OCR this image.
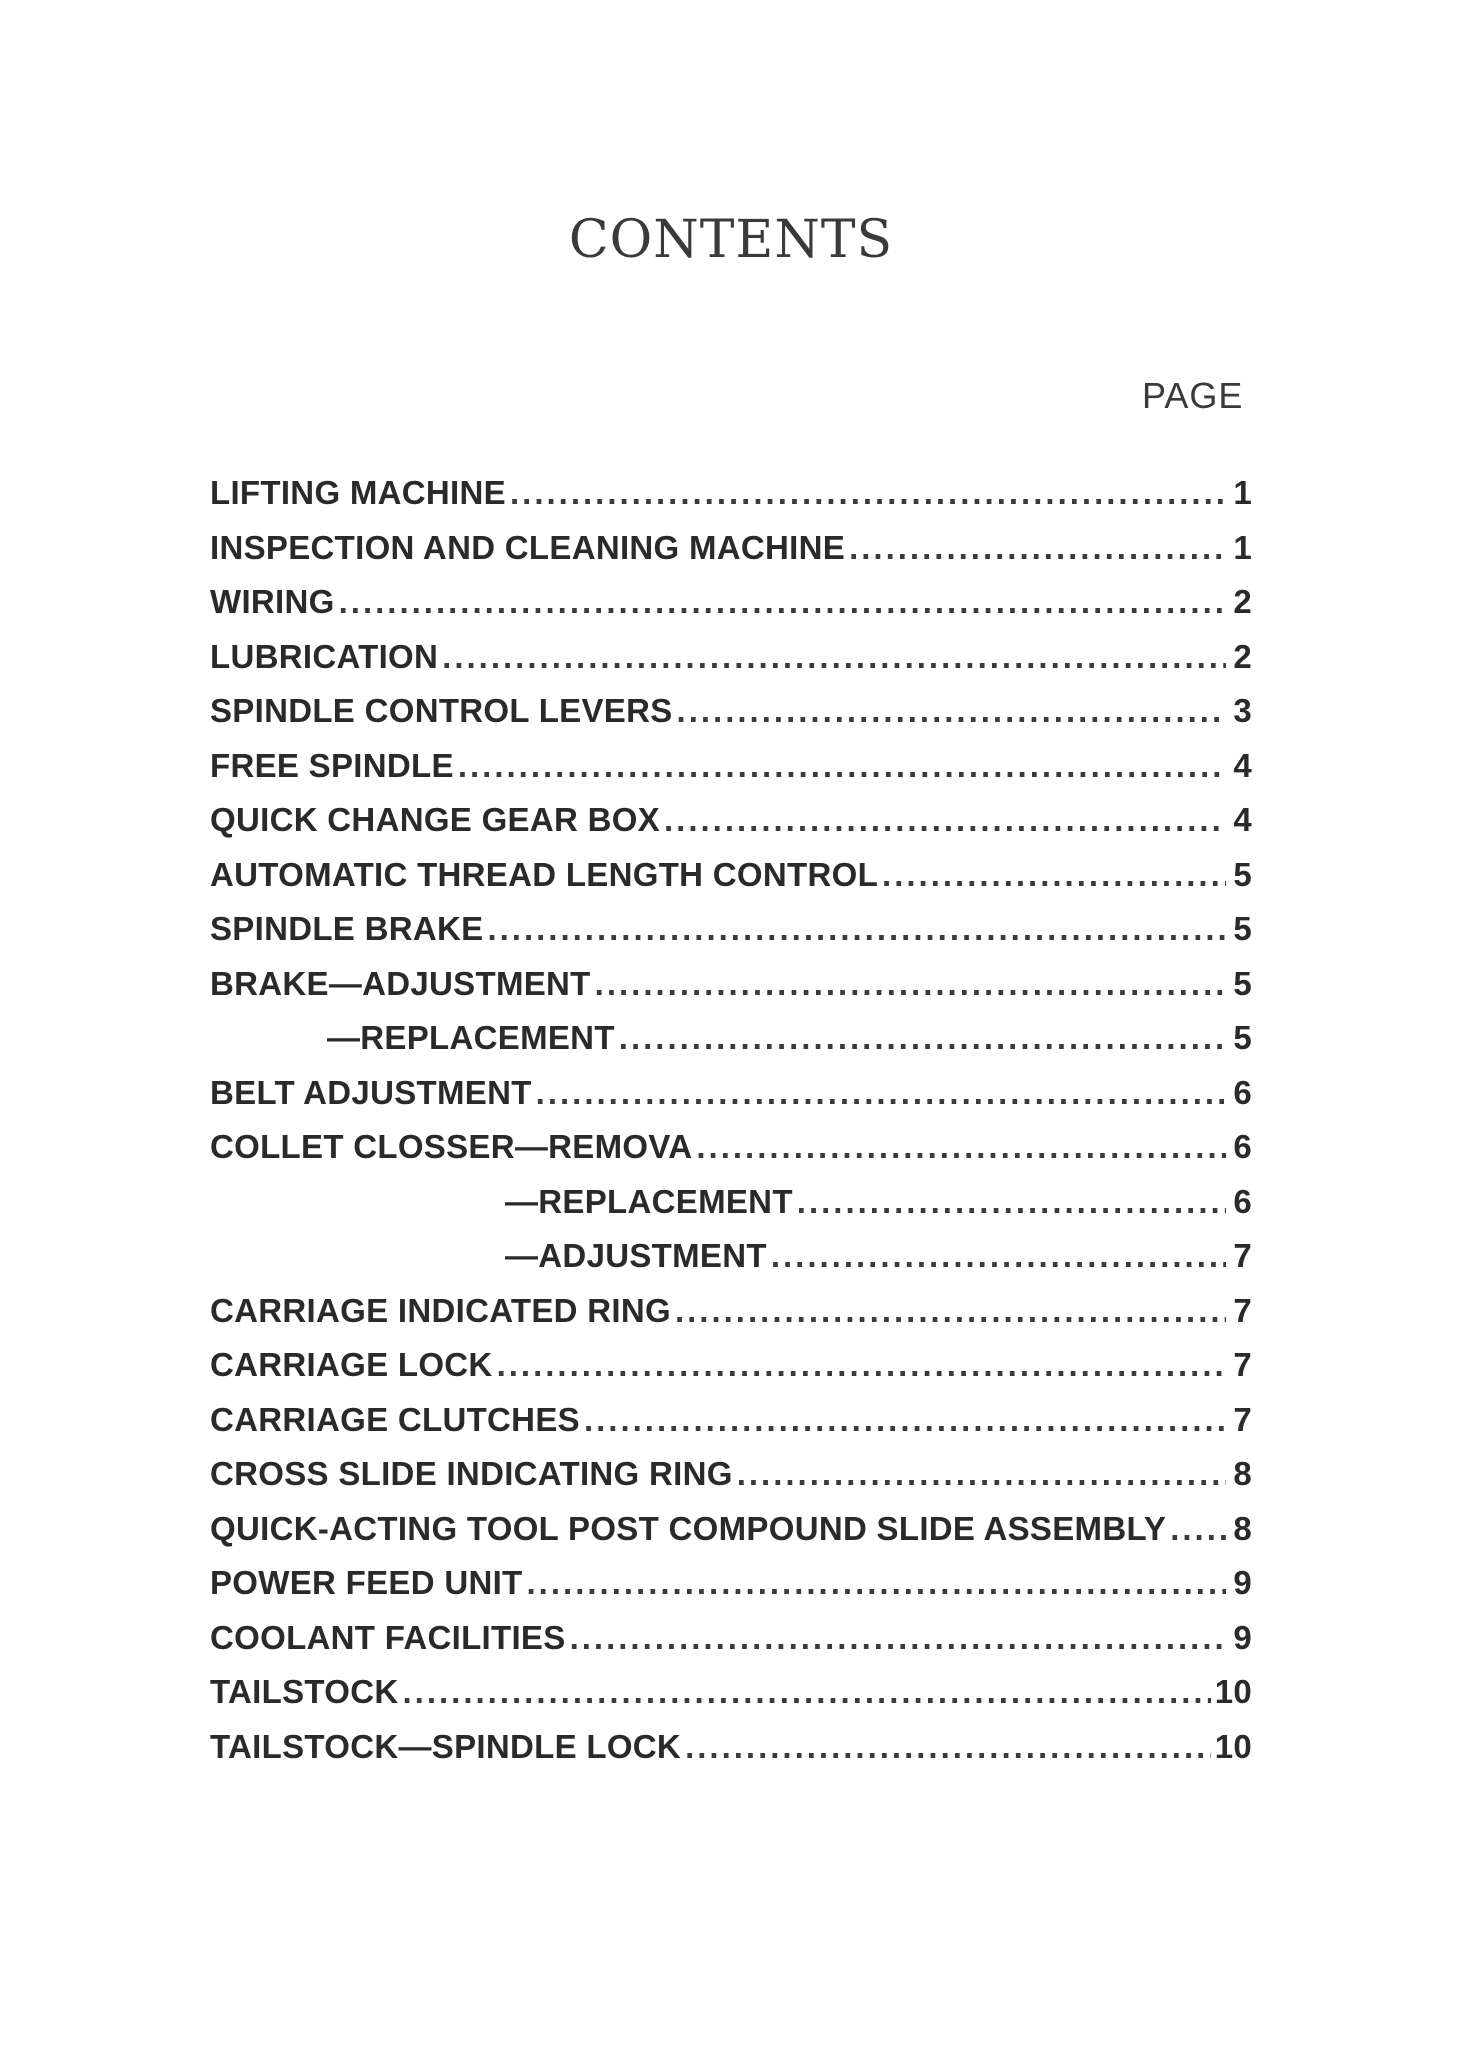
CONTENTS
PAGE
LIFTING MACHINE .....	1
INSPECTION AND CLEANING MACHINE .....	1
WIRING .....	2
LUBRICATION .....	2
SPINDLE CONTROL LEVERS .....	3
FREE SPINDLE .....	4
QUICK CHANGE GEAR BOX .....	4
AUTOMATIC THREAD LENGTH CONTROL .....	5
SPINDLE BRAKE .....	5
BRAKE—ADJUSTMENT .....	5
—REPLACEMENT .....	5
BELT ADJUSTMENT .....	6
COLLET CLOSSER—REMOVA .....	6
—REPLACEMENT .....	6
—ADJUSTMENT .....	7
CARRIAGE INDICATED RING .....	7
CARRIAGE LOCK .....	7
CARRIAGE CLUTCHES .....	7
CROSS SLIDE INDICATING RING .....	8
QUICK-ACTING TOOL POST COMPOUND SLIDE ASSEMBLY ..... 8
POWER FEED UNIT .....	9
COOLANT FACILITIES .....	9
TAILSTOCK .....	10
TAILSTOCK—SPINDLE LOCK .....	10
